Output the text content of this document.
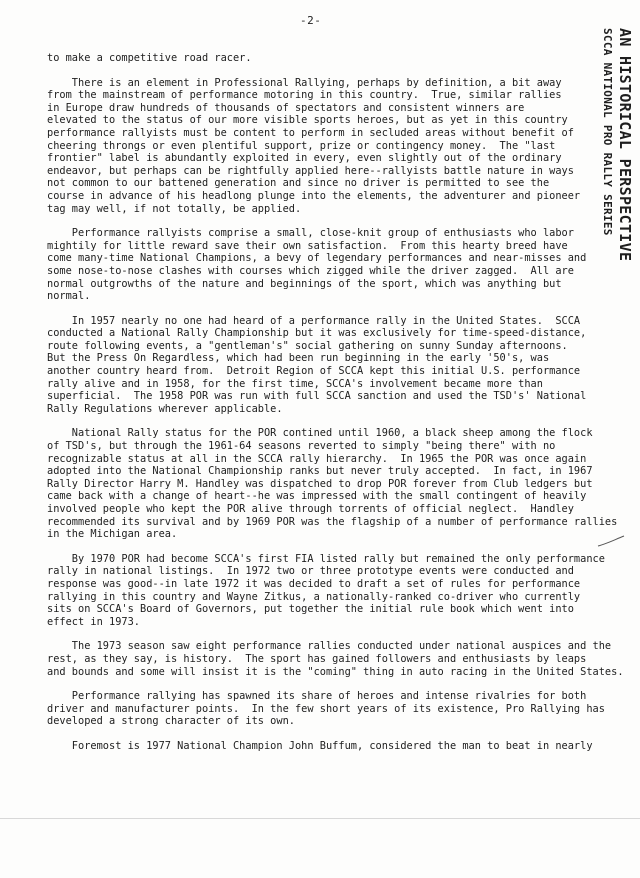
-2-
AN HISTORICAL PERSPECTIVE
SCCA NATIONAL PRO RALLY SERIES

to make a competitive road racer.

There is an element in Professional Rallying, perhaps by definition, a bit away
from the mainstream of performance motoring in this country.  True, similar rallies
in Europe draw hundreds of thousands of spectators and consistent winners are
elevated to the status of our more visible sports heroes, but as yet in this country
performance rallyists must be content to perform in secluded areas without benefit of
cheering throngs or even plentiful support, prize or contingency money.  The "last
frontier" label is abundantly exploited in every, even slightly out of the ordinary
endeavor, but perhaps can be rightfully applied here--rallyists battle nature in ways
not common to our battened generation and since no driver is permitted to see the
course in advance of his headlong plunge into the elements, the adventurer and pioneer
tag may well, if not totally, be applied.

Performance rallyists comprise a small, close-knit group of enthusiasts who labor
mightily for little reward save their own satisfaction.  From this hearty breed have
come many-time National Champions, a bevy of legendary performances and near-misses and
some nose-to-nose clashes with courses which zigged while the driver zagged.  All are
normal outgrowths of the nature and beginnings of the sport, which was anything but
normal.

In 1957 nearly no one had heard of a performance rally in the United States.  SCCA
conducted a National Rally Championship but it was exclusively for time-speed-distance,
route following events, a "gentleman's" social gathering on sunny Sunday afternoons.
But the Press On Regardless, which had been run beginning in the early '50's, was
another country heard from.  Detroit Region of SCCA kept this initial U.S. performance
rally alive and in 1958, for the first time, SCCA's involvement became more than
superficial.  The 1958 POR was run with full SCCA sanction and used the TSD's' National
Rally Regulations wherever applicable.

National Rally status for the POR contined until 1960, a black sheep among the flock
of TSD's, but through the 1961-64 seasons reverted to simply "being there" with no
recognizable status at all in the SCCA rally hierarchy.  In 1965 the POR was once again
adopted into the National Championship ranks but never truly accepted.  In fact, in 1967
Rally Director Harry M. Handley was dispatched to drop POR forever from Club ledgers but
came back with a change of heart--he was impressed with the small contingent of heavily
involved people who kept the POR alive through torrents of official neglect.  Handley
recommended its survival and by 1969 POR was the flagship of a number of performance rallies
in the Michigan area.

By 1970 POR had become SCCA's first FIA listed rally but remained the only performance
rally in national listings.  In 1972 two or three prototype events were conducted and
response was good--in late 1972 it was decided to draft a set of rules for performance
rallying in this country and Wayne Zitkus, a nationally-ranked co-driver who currently
sits on SCCA's Board of Governors, put together the initial rule book which went into
effect in 1973.

The 1973 season saw eight performance rallies conducted under national auspices and the
rest, as they say, is history.  The sport has gained followers and enthusiasts by leaps
and bounds and some will insist it is the "coming" thing in auto racing in the United States.

Performance rallying has spawned its share of heroes and intense rivalries for both
driver and manufacturer points.  In the few short years of its existence, Pro Rallying has
developed a strong character of its own.

Foremost is 1977 National Champion John Buffum, considered the man to beat in nearly
